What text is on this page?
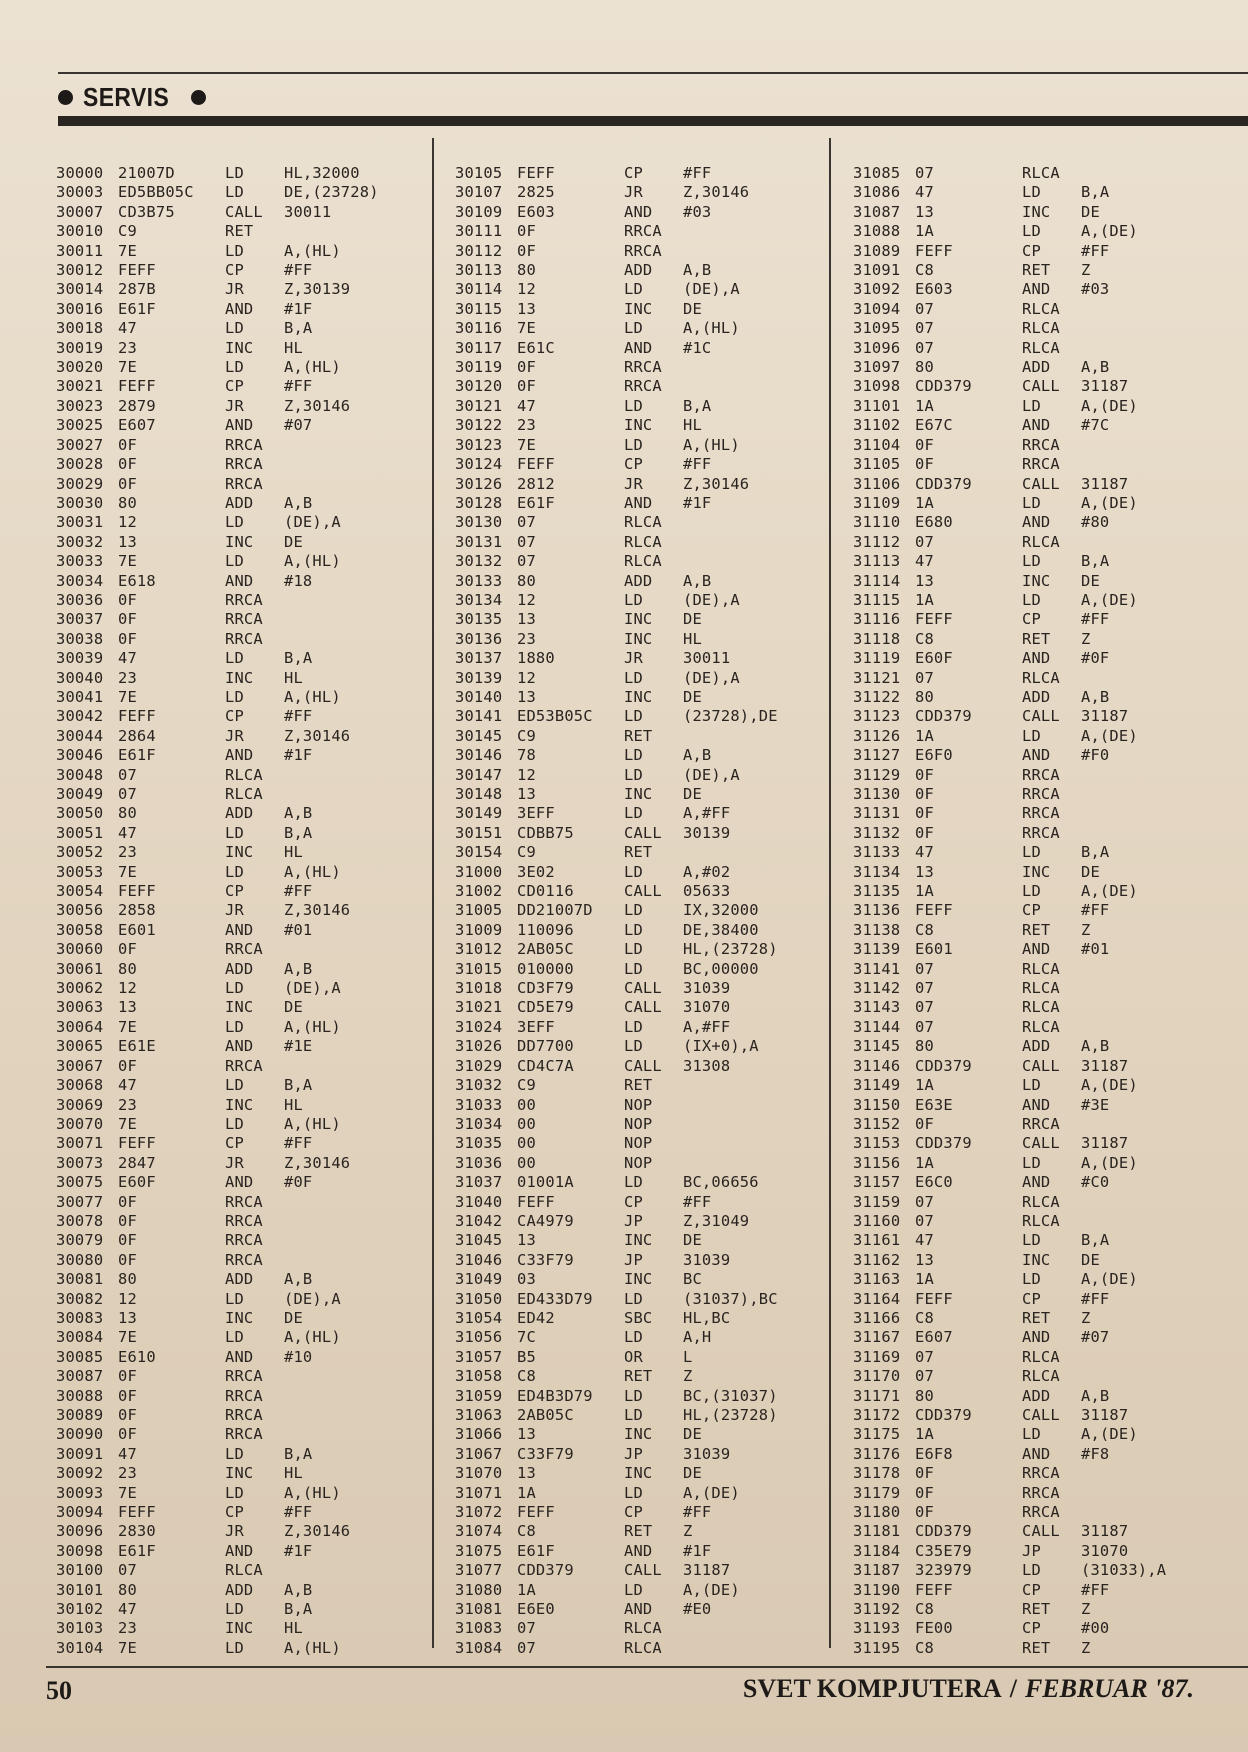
SERVIS
30000 21007D	LD	HL,32000
30003 ED5BB05C LD	DE,(23728)
30007 CD3B75	CALL 30011
30010 C9	RET
30011 7E	LD	A,(HL)
30012 FEFF	CP	#FF
30014 287B	JR	Z,30139
30016 E61F	AND #1F
30018 47	LD	B,A
30019 23	INC HL
30020 7E	LD	A,(HL)
30021 FEFF	CP	#FF
30023 2879	JR	Z,30146
30025 E607	AND #07
30027 0F	RRCA
30028 0F	RRCA
30029 0F	RRCA
30030 80	ADD A,B
30031 12	LD	(DE),A
30032 13	INC DE
30033 7E	LD	A,(HL)
30034 E618	AND #18
30036 0F	RRCA
30037 0F	RRCA
30038 0F	RRCA
30039 47	LD	B,A
30040 23	INC HL
30041 7E	LD	A,(HL)
30042 FEFF	CP	#FF
30044 2864	JR	Z,30146
30046 E61F	AND #1F
30048 07	RLCA
30049 07	RLCA
30050 80	ADD A,B
30051 47	LD	B,A
30052 23	INC HL
30053 7E	LD	A,(HL)
30054 FEFF	CP	#FF
30056 2858	JR	Z,30146
30058 E601	AND #01
30060 0F	RRCA
30061 80	ADD A,B
30062 12	LD	(DE),A
30063 13	INC DE
30064 7E	LD	A,(HL)
30065 E61E	AND #1E
30067 0F	RRCA
30068 47	LD	B,A
30069 23	INC HL
30070 7E	LD	A,(HL)
30071 FEFF	CP	#FF
30073 2847	JR	Z,30146
30075 E60F	AND #0F
30077 0F	RRCA
30078 0F	RRCA
30079 0F	RRCA
30080 0F	RRCA
30081 80	ADD A,B
30082 12	LD	(DE),A
30083 13	INC DE
30084 7E	LD	A,(HL)
30085 E610	AND #10
30087 0F	RRCA
30088 0F	RRCA
30089 0F	RRCA
30090 0F	RRCA
30091 47	LD	B,A
30092 23	INC HL
30093 7E	LD	A,(HL)
30094 FEFF	CP	#FF
30096 2830	JR	Z,30146
30098 E61F	AND #1F
30100 07	RLCA
30101 80	ADD A,B
30102 47	LD	B,A
30103 23	INC HL
30104 7E	LD	A,(HL)
30105 FEFF	CP	#FF
30107 2825	JR	Z,30146
30109 E603	AND #03
30111 0F	RRCA
30112 0F	RRCA
30113 80	ADD A,B
30114 12	LD	(DE),A
30115 13	INC DE
30116 7E	LD	A,(HL)
30117 E61C	AND #1C
30119 0F	RRCA
30120 0F	RRCA
30121 47	LD	B,A
30122 23	INC HL
30123 7E	LD	A,(HL)
30124 FEFF	CP	#FF
30126 2812	JR	Z,30146
30128 E61F	AND #1F
30130 07	RLCA
30131 07	RLCA
30132 07	RLCA
30133 80	ADD A,B
30134 12	LD	(DE),A
30135 13	INC DE
30136 23	INC HL
30137 1880	JR	30011
30139 12	LD	(DE),A
30140 13	INC DE
30141 ED53B05C LD	(23728),DE
30145 C9	RET
30146 78	LD	A,B
30147 12	LD	(DE),A
30148 13	INC DE
30149 3EFF	LD	A,#FF
30151 CDBB75	CALL 30139
30154 C9	RET
31000 3E02	LD	A,#02
31002 CD0116	CALL 05633
31005 DD21007D LD	IX,32000
31009 110096	LD	DE,38400
31012 2AB05C	LD	HL,(23728)
31015 010000	LD	BC,00000
31018 CD3F79	CALL 31039
31021 CD5E79	CALL 31070
31024 3EFF	LD	A,#FF
31026 DD7700	LD	(IX+0),A
31029 CD4C7A	CALL 31308
31032 C9	RET
31033 00	NOP
31034 00	NOP
31035 00	NOP
31036 00	NOP
31037 01001A	LD	BC,06656
31040 FEFF	CP	#FF
31042 CA4979	JP	Z,31049
31045 13	INC DE
31046 C33F79	JP	31039
31049 03	INC BC
31050 ED433D79 LD	(31037),BC
31054 ED42	SBC HL,BC
31056 7C	LD	A,H
31057 B5	OR	L
31058 C8	RET Z
31059 ED4B3D79 LD	BC,(31037)
31063 2AB05C	LD	HL,(23728)
31066 13	INC DE
31067 C33F79	JP	31039
31070 13	INC DE
31071 1A	LD	A,(DE)
31072 FEFF	CP	#FF
31074 C8	RET Z
31075 E61F	AND #1F
31077 CDD379	CALL 31187
31080 1A	LD	A,(DE)
31081 E6E0	AND #E0
31083 07	RLCA
31084 07	RLCA
31085 07	RLCA
31086 47	LD	B,A
31087 13	INC DE
31088 1A	LD	A,(DE)
31089 FEFF	CP	#FF
31091 C8	RET Z
31092 E603	AND #03
31094 07	RLCA
31095 07	RLCA
31096 07	RLCA
31097 80	ADD A,B
31098 CDD379	CALL 31187
31101 1A	LD	A,(DE)
31102 E67C	AND #7C
31104 0F	RRCA
31105 0F	RRCA
31106 CDD379	CALL 31187
31109 1A	LD	A,(DE)
31110 E680	AND #80
31112 07	RLCA
31113 47	LD	B,A
31114 13	INC DE
31115 1A	LD	A,(DE)
31116 FEFF	CP	#FF
31118 C8	RET Z
31119 E60F	AND #0F
31121 07	RLCA
31122 80	ADD A,B
31123 CDD379	CALL 31187
31126 1A	LD	A,(DE)
31127 E6F0	AND #F0
31129 0F	RRCA
31130 0F	RRCA
31131 0F	RRCA
31132 0F	RRCA
31133 47	LD	B,A
31134 13	INC DE
31135 1A	LD	A,(DE)
31136 FEFF	CP	#FF
31138 C8	RET Z
31139 E601	AND #01
31141 07	RLCA
31142 07	RLCA
31143 07	RLCA
31144 07	RLCA
31145 80	ADD A,B
31146 CDD379	CALL 31187
31149 1A	LD	A,(DE)
31150 E63E	AND #3E
31152 0F	RRCA
31153 CDD379	CALL 31187
31156 1A	LD	A,(DE)
31157 E6C0	AND #C0
31159 07	RLCA
31160 07	RLCA
31161 47	LD	B,A
31162 13	INC DE
31163 1A	LD	A,(DE)
31164 FEFF	CP	#FF
31166 C8	RET Z
31167 E607	AND #07
31169 07	RLCA
31170 07	RLCA
31171 80	ADD A,B
31172 CDD379	CALL 31187
31175 1A	LD	A,(DE)
31176 E6F8	AND #F8
31178 0F	RRCA
31179 0F	RRCA
31180 0F	RRCA
31181 CDD379	CALL 31187
31184 C35E79	JP	31070
31187 323979	LD	(31033),A
31190 FEFF	CP	#FF
31192 C8	RET Z
31193 FE00	CP	#00
31195 C8	RET Z
50	SVET KOMPJUTERA / FEBRUAR '87.
